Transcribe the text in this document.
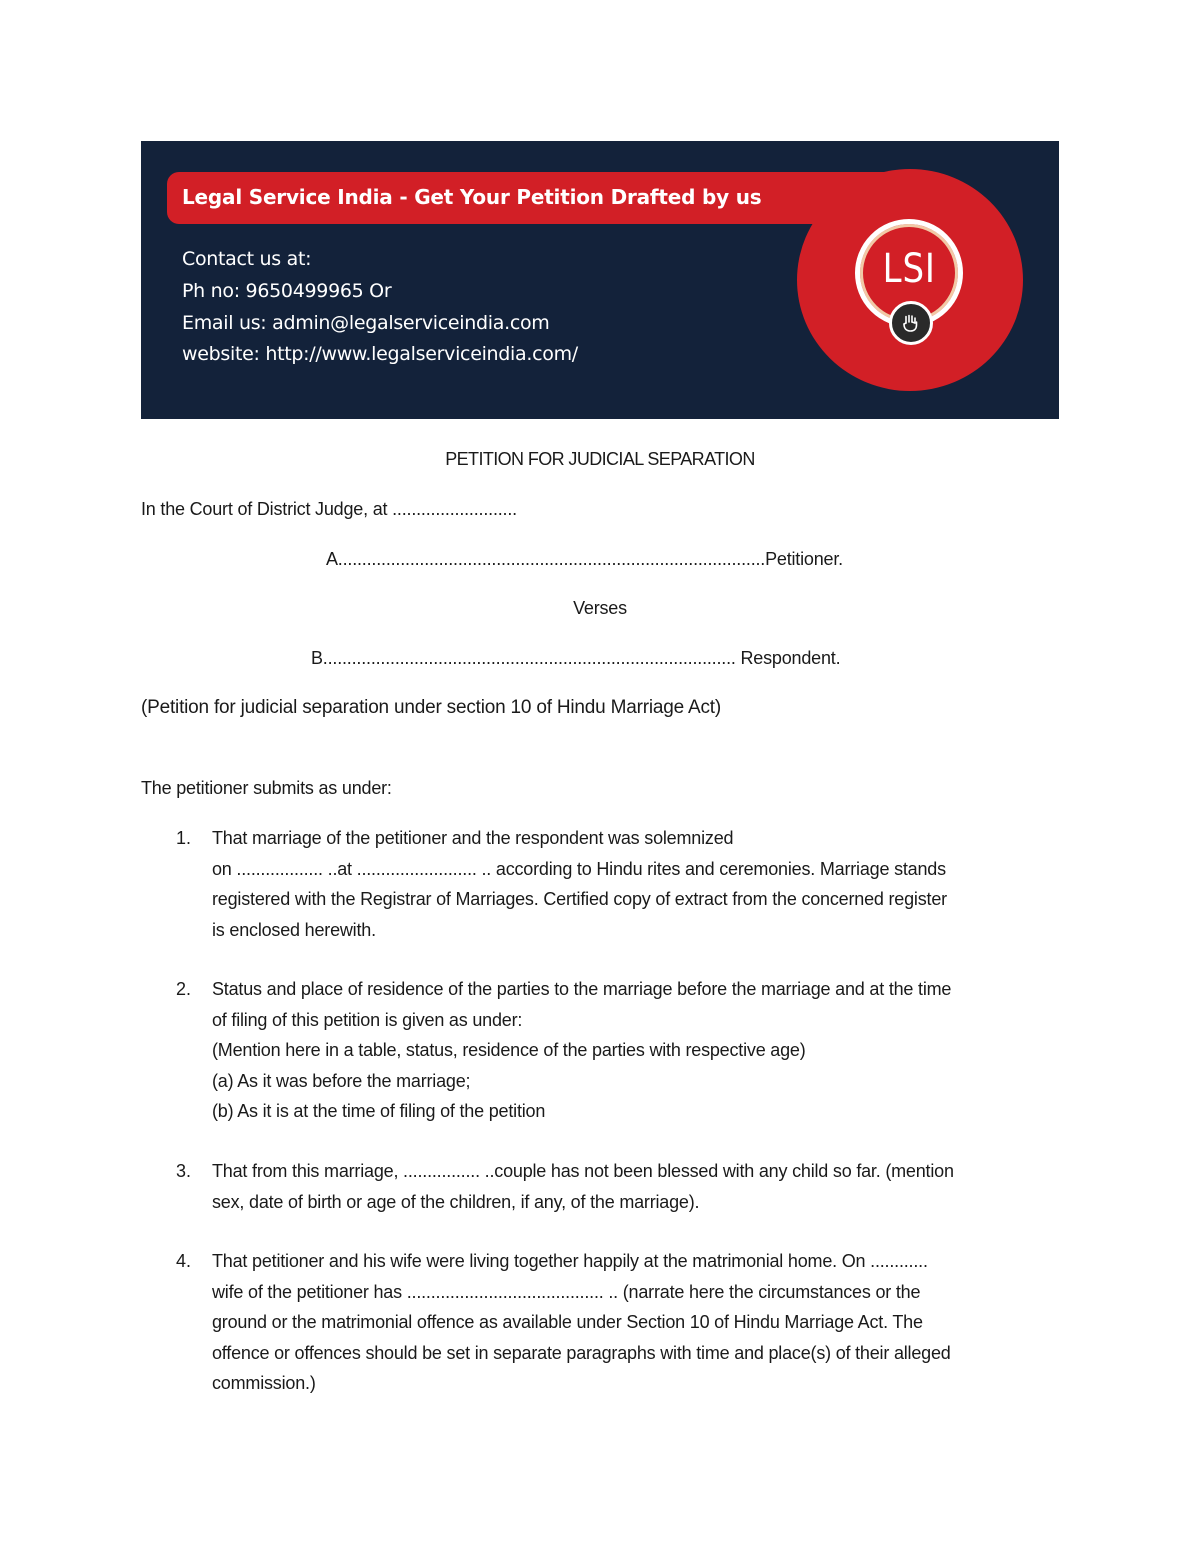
Legal Service India - Get Your Petition Drafted by us
Contact us at:
Ph no: 9650499965 Or
Email us: admin@legalserviceindia.com
website: http://www.legalserviceindia.com/
LSI
PETITION FOR JUDICIAL SEPARATION
In the Court of District Judge, at ..........................
A.........................................................................................Petitioner.
Verses
B...................................................................................... Respondent.
(Petition for judicial separation under section 10 of Hindu Marriage Act)
The petitioner submits as under:
1. That marriage of the petitioner and the respondent was solemnized
on .................. ..at ......................... .. according to Hindu rites and ceremonies. Marriage stands
registered with the Registrar of Marriages. Certified copy of extract from the concerned register
is enclosed herewith.
2. Status and place of residence of the parties to the marriage before the marriage and at the time
of filing of this petition is given as under:
(Mention here in a table, status, residence of the parties with respective age)
(a) As it was before the marriage;
(b) As it is at the time of filing of the petition
3. That from this marriage, ................ ..couple has not been blessed with any child so far. (mention
sex, date of birth or age of the children, if any, of the marriage).
4. That petitioner and his wife were living together happily at the matrimonial home. On ............
wife of the petitioner has ......................................... .. (narrate here the circumstances or the
ground or the matrimonial offence as available under Section 10 of Hindu Marriage Act. The
offence or offences should be set in separate paragraphs with time and place(s) of their alleged
commission.)
